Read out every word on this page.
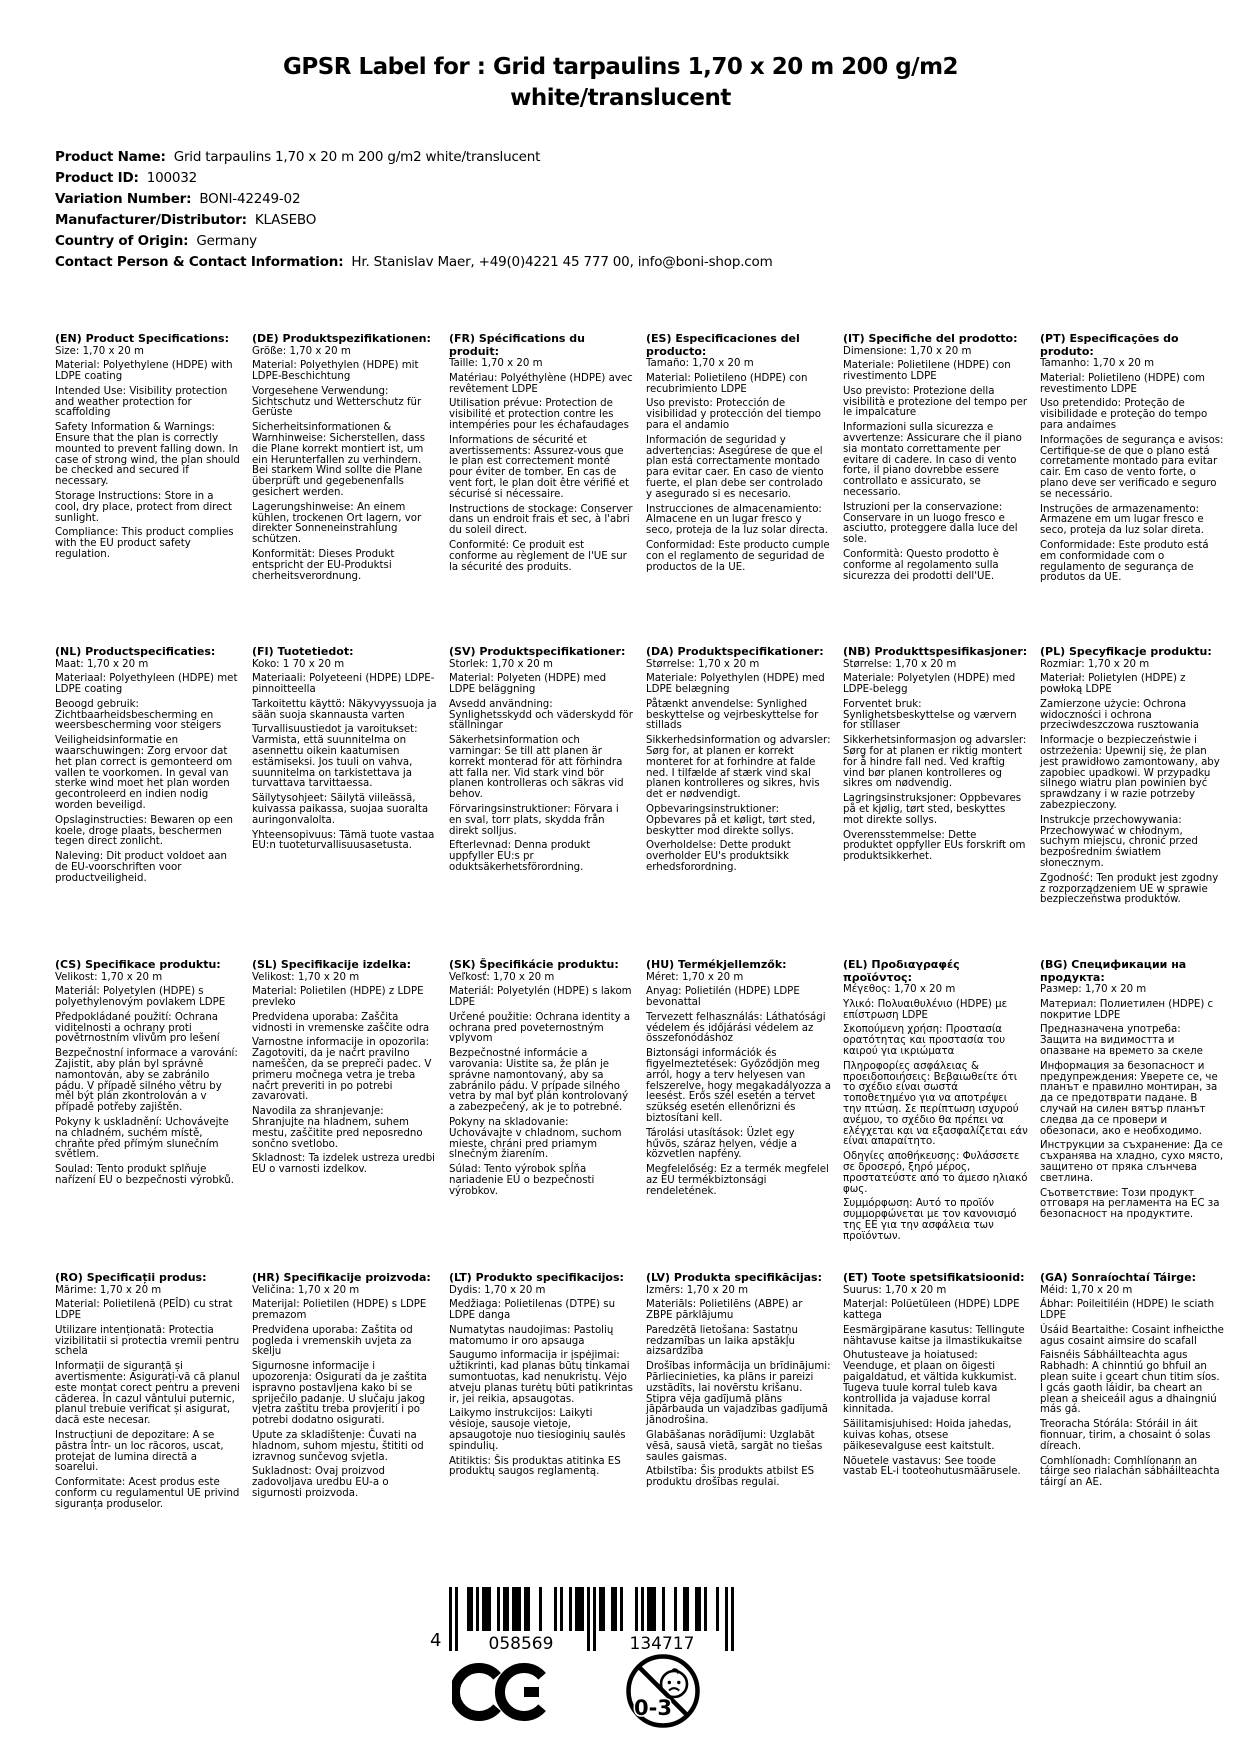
GPSR Label for : Grid tarpaulins 1,70 x 20 m 200 g/m2
white/translucent
Product Name: Grid tarpaulins 1,70 x 20 m 200 g/m2 white/translucent
Product ID: 100032
Variation Number: BONI-42249-02
Manufacturer/Distributor: KLASEBO
Country of Origin: Germany
Contact Person & Contact Information: Hr. Stanislav Maer, +49(0)4221 45 777 00, info@boni-shop.com
(EN) Product Specifications:

Size: 1,70 x 20 m

Material: Polyethylene (HDPE) with LDPE coating

Intended Use: Visibility protection and weather protection for scaffolding

Safety Information & Warnings: Ensure that the plan is correctly mounted to prevent falling down. In case of strong wind, the plan should be checked and secured if necessary.

Storage Instructions: Store in a cool, dry place, protect from direct sunlight.

Compliance: This product complies with the EU product safety regulation.

(DE) Produktspezifikationen:

Größe: 1,70 x 20 m

Material: Polyethylen (HDPE) mit LDPE-Beschichtung

Vorgesehene Verwendung: Sichtschutz und Wetterschutz für Gerüste

Sicherheitsinformationen & Warnhinweise: Sicherstellen, dass die Plane korrekt montiert ist, um ein Herunterfallen zu verhindern. Bei starkem Wind sollte die Plane überprüft und gegebenenfalls gesichert werden.

Lagerungshinweise: An einem kühlen, trockenen Ort lagern, vor direkter Sonneneinstrahlung schützen.

Konformität: Dieses Produkt entspricht der EU-Produktsi cherheitsverordnung.

(FR) Spécifications du produit:

Taille: 1,70 x 20 m

Matériau: Polyéthylène (HDPE) avec revêtement LDPE

Utilisation prévue: Protection de visibilité et protection contre les intempéries pour les échafaudages

Informations de sécurité et avertissements: Assurez-vous que le plan est correctement monté pour éviter de tomber. En cas de vent fort, le plan doit être vérifié et sécurisé si nécessaire.

Instructions de stockage: Conserver dans un endroit frais et sec, à l'abri du soleil direct.

Conformité: Ce produit est conforme au règlement de l'UE sur la sécurité des produits.

(ES) Especificaciones del producto:

Tamaño: 1,70 x 20 m

Material: Polietileno (HDPE) con recubrimiento LDPE

Uso previsto: Protección de visibilidad y protección del tiempo para el andamio

Información de seguridad y advertencias: Asegúrese de que el plan está correctamente montado para evitar caer. En caso de viento fuerte, el plan debe ser controlado y asegurado si es necesario.

Instrucciones de almacenamiento: Almacene en un lugar fresco y seco, proteja de la luz solar directa.

Conformidad: Este producto cumple con el reglamento de seguridad de productos de la UE.

(IT) Specifiche del prodotto:

Dimensione: 1,70 x 20 m

Materiale: Polietilene (HDPE) con rivestimento LDPE

Uso previsto: Protezione della visibilità e protezione del tempo per le impalcature

Informazioni sulla sicurezza e avvertenze: Assicurare che il piano sia montato correttamente per evitare di cadere. In caso di vento forte, il piano dovrebbe essere controllato e assicurato, se necessario.

Istruzioni per la conservazione: Conservare in un luogo fresco e asciutto, proteggere dalla luce del sole.

Conformità: Questo prodotto è conforme al regolamento sulla sicurezza dei prodotti dell'UE.

(PT) Especificações do produto:

Tamanho: 1,70 x 20 m

Material: Polietileno (HDPE) com revestimento LDPE

Uso pretendido: Proteção de visibilidade e proteção do tempo para andaimes

Informações de segurança e avisos: Certifique-se de que o plano está corretamente montado para evitar cair. Em caso de vento forte, o plano deve ser verificado e seguro se necessário.

Instruções de armazenamento: Armazene em um lugar fresco e seco, proteja da luz solar direta.

Conformidade: Este produto está em conformidade com o regulamento de segurança de produtos da UE.

(NL) Productspecificaties:

Maat: 1,70 x 20 m

Materiaal: Polyethyleen (HDPE) met LDPE coating

Beoogd gebruik: Zichtbaarheidsbescherming en weersbescherming voor steigers

Veiligheidsinformatie en waarschuwingen: Zorg ervoor dat het plan correct is gemonteerd om vallen te voorkomen. In geval van sterke wind moet het plan worden gecontroleerd en indien nodig worden beveiligd.

Opslaginstructies: Bewaren op een koele, droge plaats, beschermen tegen direct zonlicht.

Naleving: Dit product voldoet aan de EU-voorschriften voor productveiligheid.

(FI) Tuotetiedot:

Koko: 1 70 x 20 m

Materiaali: Polyeteeni (HDPE) LDPE-pinnoitteella

Tarkoitettu käyttö: Näkyvyyssuoja ja sään suoja skannausta varten

Turvallisuustiedot ja varoitukset: Varmista, että suunnitelma on asennettu oikein kaatumisen estämiseksi. Jos tuuli on vahva, suunnitelma on tarkistettava ja turvattava tarvittaessa.

Säilytysohjeet: Säilytä viileässä, kuivassa paikassa, suojaa suoralta auringonvalolta.

Yhteensopivuus: Tämä tuote vastaa EU:n tuoteturvallisuusasetusta.

(SV) Produktspecifikationer:

Storlek: 1,70 x 20 m

Material: Polyeten (HDPE) med LDPE beläggning

Avsedd användning: Synlighetsskydd och väderskydd för ställningar

Säkerhetsinformation och varningar: Se till att planen är korrekt monterad för att förhindra att falla ner. Vid stark vind bör planen kontrolleras och säkras vid behov.

Förvaringsinstruktioner: Förvara i en sval, torr plats, skydda från direkt solljus.

Efterlevnad: Denna produkt uppfyller EU:s pr oduktsäkerhetsförordning.

(DA) Produktspecifikationer:

Størrelse: 1,70 x 20 m

Materiale: Polyethylen (HDPE) med LDPE belægning

Påtænkt anvendelse: Synlighed beskyttelse og vejrbeskyttelse for stillads

Sikkerhedsinformation og advarsler: Sørg for, at planen er korrekt monteret for at forhindre at falde ned. I tilfælde af stærk vind skal planen kontrolleres og sikres, hvis det er nødvendigt.

Opbevaringsinstruktioner: Opbevares på et køligt, tørt sted, beskytter mod direkte sollys.

Overholdelse: Dette produkt overholder EU's produktsikk erhedsforordning.

(NB) Produkttspesifikasjoner:

Størrelse: 1,70 x 20 m

Materiale: Polyetylen (HDPE) med LDPE-belegg

Forventet bruk: Synlighetsbeskyttelse og værvern for stillaser

Sikkerhetsinformasjon og advarsler: Sørg for at planen er riktig montert for å hindre fall ned. Ved kraftig vind bør planen kontrolleres og sikres om nødvendig.

Lagringsinstruksjoner: Oppbevares på et kjølig, tørt sted, beskyttes mot direkte sollys.

Overensstemmelse: Dette produktet oppfyller EUs forskrift om produktsikkerhet.

(PL) Specyfikacje produktu:

Rozmiar: 1,70 x 20 m

Materiał: Polietylen (HDPE) z powłoką LDPE

Zamierzone użycie: Ochrona widoczności i ochrona przeciwdeszczowa rusztowania

Informacje o bezpieczeństwie i ostrzeżenia: Upewnij się, że plan jest prawidłowo zamontowany, aby zapobiec upadkowi. W przypadku silnego wiatru plan powinien być sprawdzany i w razie potrzeby zabezpieczony.

Instrukcje przechowywania: Przechowywać w chłodnym, suchym miejscu, chronić przed bezpośrednim światłem słonecznym.

Zgodność: Ten produkt jest zgodny z rozporządzeniem UE w sprawie bezpieczeństwa produktów.

(CS) Specifikace produktu:

Velikost: 1,70 x 20 m

Materiál: Polyetylen (HDPE) s polyethylenovým povlakem LDPE

Předpokládané použití: Ochrana viditelnosti a ochrany proti povětrnostním vlivům pro lešení

Bezpečnostní informace a varování: Zajistit, aby plán byl správně namontován, aby se zabránilo pádu. V případě silného větru by měl být plán zkontrolován a v případě potřeby zajištěn.

Pokyny k uskladnění: Uchovávejte na chladném, suchém místě, chraňte před přímým slunečním světlem.

Soulad: Tento produkt splňuje nařízení EU o bezpečnosti výrobků.

(SL) Specifikacije izdelka:

Velikost: 1,70 x 20 m

Material: Polietilen (HDPE) z LDPE prevleko

Predvidena uporaba: Zaščita vidnosti in vremenske zaščite odra

Varnostne informacije in opozorila: Zagotoviti, da je načrt pravilno nameščen, da se prepreči padec. V primeru močnega vetra je treba načrt preveriti in po potrebi zavarovati.

Navodila za shranjevanje: Shranjujte na hladnem, suhem mestu, zaščitite pred neposredno sončno svetlobo.

Skladnost: Ta izdelek ustreza uredbi EU o varnosti izdelkov.

(SK) Špecifikácie produktu:

Veľkosť: 1,70 x 20 m

Materiál: Polyetylén (HDPE) s lakom LDPE

Určené použitie: Ochrana identity a ochrana pred poveternostným vplyvom

Bezpečnostné informácie a varovania: Uistite sa, že plán je správne namontovaný, aby sa zabránilo pádu. V prípade silného vetra by mal byť plán kontrolovaný a zabezpečený, ak je to potrebné.

Pokyny na skladovanie: Uchovávajte v chladnom, suchom mieste, chráni pred priamym slnečným žiarením.

Súlad: Tento výrobok spĺňa nariadenie EÚ o bezpečnosti výrobkov.

(HU) Termékjellemzők:

Méret: 1,70 x 20 m

Anyag: Polietilén (HDPE) LDPE bevonattal

Tervezett felhasználás: Láthatósági védelem és időjárási védelem az összefonódáshoz

Biztonsági információk és figyelmeztetések: Győződjön meg arról, hogy a terv helyesen van felszerelve, hogy megakadályozza a leesést. Erős szél esetén a tervet szükség esetén ellenőrizni és biztosítani kell.

Tárolási utasítások: Üzlet egy hűvös, száraz helyen, védje a közvetlen napfény.

Megfelelőség: Ez a termék megfelel az EU termékbiztonsági rendeletének.

(EL) Προδιαγραφές προϊόντος:

Μέγεθος: 1,70 x 20 m

Υλικό: Πολυαιθυλένιο (HDPE) με επίστρωση LDPE

Σκοπούμενη χρήση: Προστασία ορατότητας και προστασία του καιρού για ικριώματα

Πληροφορίες ασφάλειας & προειδοποιήσεις: Βεβαιωθείτε ότι το σχέδιο είναι σωστά τοποθετημένο για να αποτρέψει την πτώση. Σε περίπτωση ισχυρού ανέμου, το σχέδιο θα πρέπει να ελέγχεται και να εξασφαλίζεται εάν είναι απαραίτητο.

Οδηγίες αποθήκευσης: Φυλάσσετε σε δροσερό, ξηρό μέρος, προστατεύστε από το άμεσο ηλιακό φως.

Συμμόρφωση: Αυτό το προϊόν συμμορφώνεται με τον κανονισμό της ΕΕ για την ασφάλεια των προϊόντων.

(BG) Спецификации на продукта:

Размер: 1,70 x 20 m

Материал: Полиетилен (HDPE) с покритие LDPE

Предназначена употреба: Защита на видимостта и опазване на времето за скеле

Информация за безопасност и предупреждения: Уверете се, че планът е правилно монтиран, за да се предотврати падане. В случай на силен вятър планът следва да се провери и обезопаси, ако е необходимо.

Инструкции за съхранение: Да се съхранява на хладно, сухо място, защитено от пряка слънчева светлина.

Съответствие: Този продукт отговаря на регламента на ЕС за безопасност на продуктите.

(RO) Specificații produs:

Mărime: 1,70 x 20 m

Material: Polietilenă (PEÎD) cu strat LDPE

Utilizare intenționată: Protectia vizibilitatii si protectia vremii pentru schela

Informații de siguranță și avertismente: Asigurați-vă că planul este montat corect pentru a preveni căderea. În cazul vântului puternic, planul trebuie verificat și asigurat, dacă este necesar.

Instrucțiuni de depozitare: A se păstra într- un loc răcoros, uscat, protejat de lumina directă a soarelui.

Conformitate: Acest produs este conform cu regulamentul UE privind siguranța produselor.

(HR) Specifikacije proizvoda:

Veličina: 1,70 x 20 m

Materijal: Polietilen (HDPE) s LDPE premazom

Predviđena uporaba: Zaštita od pogleda i vremenskih uvjeta za skelju

Sigurnosne informacije i upozorenja: Osigurati da je zaštita ispravno postavljena kako bi se spriječilo padanje. U slučaju jakog vjetra zaštitu treba provjeriti i po potrebi dodatno osigurati.

Upute za skladištenje: Čuvati na hladnom, suhom mjestu, štititi od izravnog sunčevog svjetla.

Sukladnost: Ovaj proizvod zadovoljava uredbu EU-a o sigurnosti proizvoda.

(LT) Produkto specifikacijos:

Dydis: 1,70 x 20 m

Medžiaga: Polietilenas (DTPE) su LDPE danga

Numatytas naudojimas: Pastolių matomumo ir oro apsauga

Saugumo informacija ir įspėjimai: užtikrinti, kad planas būtų tinkamai sumontuotas, kad nenukristų. Vėjo atveju planas turėtų būti patikrintas ir, jei reikia, apsaugotas.

Laikymo instrukcijos: Laikyti vėsioje, sausoje vietoje, apsaugotoje nuo tiesioginių saulės spindulių.

Atitiktis: Šis produktas atitinka ES produktų saugos reglamentą.

(LV) Produkta specifikācijas:

Izmērs: 1,70 x 20 m

Materiāls: Polietilēns (ABPE) ar ZBPE pārklājumu

Paredzētā lietošana: Sastatņu redzamības un laika apstākļu aizsardzība

Drošības informācija un brīdinājumi: Pārliecinieties, ka plāns ir pareizi uzstādīts, lai novērstu krišanu. Stipra vēja gadījumā plāns jāpārbauda un vajadzības gadījumā jānodrošina.

Glabāšanas norādījumi: Uzglabāt vēsā, sausā vietā, sargāt no tiešas saules gaismas.

Atbilstība: Šis produkts atbilst ES produktu drošības regulai.

(ET) Toote spetsifikatsioonid:

Suurus: 1,70 x 20 m

Materjal: Polüetüleen (HDPE) LDPE kattega

Eesmärgipärane kasutus: Tellingute nähtavuse kaitse ja ilmastikukaitse

Ohutusteave ja hoiatused: Veenduge, et plaan on õigesti paigaldatud, et vältida kukkumist. Tugeva tuule korral tuleb kava kontrollida ja vajaduse korral kinnitada.

Säilitamisjuhised: Hoida jahedas, kuivas kohas, otsese päikesevalguse eest kaitstult.

Nõuetele vastavus: See toode vastab EL-i tooteohutusmäärusele.

(GA) Sonraíochtaí Táirge:

Méid: 1,70 x 20 m

Ábhar: Poileitiléin (HDPE) le sciath LDPE

Úsáid Beartaithe: Cosaint infheicthe agus cosaint aimsire do scafall

Faisnéis Sábháilteachta agus Rabhadh: A chinntiú go bhfuil an plean suite i gceart chun titim síos. I gcás gaoth láidir, ba cheart an plean a sheiceáil agus a dhaingniú más gá.

Treoracha Stórála: Stóráil in áit fionnuar, tirim, a chosaint ó solas díreach.

Comhlíonadh: Comhlíonann an táirge seo rialachán sábháilteachta táirgí an AE.

4	058569	134717
0-3
